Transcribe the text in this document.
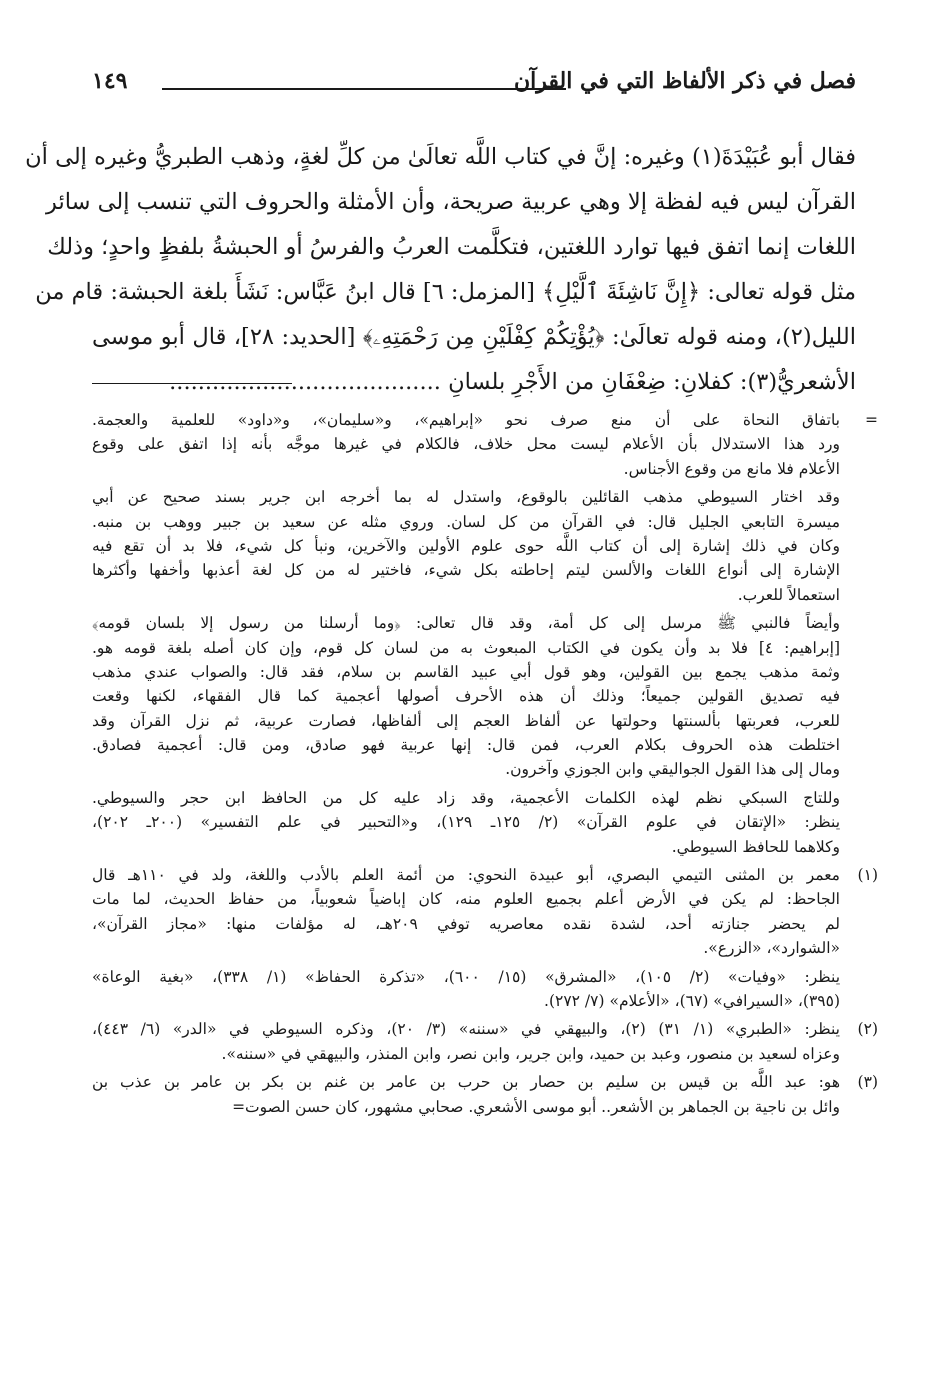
فصل في ذكر الألفاظ التي في القرآن
١٤٩
فقال أبو عُبَيْدَةَ(١) وغيره: إنَّ في كتاب اللَّه تعالَىٰ من كلِّ لغةٍ، وذهب الطبريُّ وغيره إلى أن
القرآن ليس فيه لفظة إلا وهي عربية صريحة، وأن الأمثلة والحروف التي تنسب إلى سائر
اللغات إنما اتفق فيها توارد اللغتين، فتكلَّمت العربُ والفرسُ أو الحبشةُ بلفظٍ واحدٍ؛ وذلك
مثل قوله تعالى: ﴿إِنَّ نَاشِئَةَ ٱلَّيْلِ﴾ [المزمل: ٦] قال ابنُ عَبَّاس: نَشَأَ بلغة الحبشة: قام من
الليل(٢)، ومنه قوله تعالَىٰ: ﴿يُؤْتِكُمْ كِفْلَيْنِ مِن رَحْمَتِهِۦ﴾ [الحديد: ٢٨]، قال أبو موسى
الأشعريُّ(٣): كفلانِ: ضِعْفَانِ من الأَجْرِ بلسانِ ......................................
=
باتفاق النحاة على أن منع صرف نحو «إبراهيم»، و«سليمان»، و«داود» للعلمية والعجمة.
ورد هذا الاستدلال بأن الأعلام ليست محل خلاف، فالكلام في غيرها موجَّه بأنه إذا اتفق على وقوع
الأعلام فلا مانع من وقوع الأجناس.
وقد اختار السيوطي مذهب القائلين بالوقوع، واستدل له بما أخرجه ابن جرير بسند صحيح عن أبي
ميسرة التابعي الجليل قال: في القرآن من كل لسان. وروي مثله عن سعيد بن جبير ووهب بن منبه.
وكان في ذلك إشارة إلى أن كتاب اللَّه حوى علوم الأولين والآخرين، ونبأ كل شيء، فلا بد أن تقع فيه
الإشارة إلى أنواع اللغات والألسن ليتم إحاطته بكل شيء، فاختير له من كل لغة أعذبها وأخفها وأكثرها
استعمالاً للعرب.
وأيضاً فالنبي ﷺ مرسل إلى كل أمة، وقد قال تعالى: ﴿وما أرسلنا من رسول إلا بلسان قومه﴾
[إبراهيم: ٤] فلا بد وأن يكون في الكتاب المبعوث به من لسان كل قوم، وإن كان أصله بلغة قومه هو.
وثمة مذهب يجمع بين القولين، وهو قول أبي عبيد القاسم بن سلام، فقد قال: والصواب عندي مذهب
فيه تصديق القولين جميعاً؛ وذلك أن هذه الأحرف أصولها أعجمية كما قال الفقهاء، لكنها وقعت
للعرب، فعربتها بألسنتها وحولتها عن ألفاظ العجم إلى ألفاظها، فصارت عربية، ثم نزل القرآن وقد
اختلطت هذه الحروف بكلام العرب، فمن قال: إنها عربية فهو صادق، ومن قال: أعجمية فصادق.
ومال إلى هذا القول الجواليقي وابن الجوزي وآخرون.
وللتاج السبكي نظم لهذه الكلمات الأعجمية، وقد زاد عليه كل من الحافظ ابن حجر والسيوطي.
ينظر: «الإتقان في علوم القرآن» (٢/ ١٢٥ـ ١٢٩)، و«التحبير في علم التفسير» (٢٠٠ـ ٢٠٢)،
وكلاهما للحافظ السيوطي.
(١)
معمر بن المثنى التيمي البصري، أبو عبيدة النحوي: من أئمة العلم بالأدب واللغة، ولد في ١١٠هـ قال
الجاحظ: لم يكن في الأرض أعلم بجميع العلوم منه، كان إباضياً شعوبياً، من حفاظ الحديث، لما مات
لم يحضر جنازته أحد، لشدة نقده معاصريه توفي ٢٠٩هـ، له مؤلفات منها: «مجاز القرآن»،
«الشوارد»، «الزرع».
ينظر: «وفيات» (٢/ ١٠٥)، «المشرق» (١٥/ ٦٠٠)، «تذكرة الحفاظ» (١/ ٣٣٨)، «بغية الوعاة»
(٣٩٥)، «السيرافي» (٦٧)، «الأعلام» (٧/ ٢٧٢).
(٢)
ينظر: «الطبري» (١/ ٣١) (٢)، والبيهقي في «سننه» (٣/ ٢٠)، وذكره السيوطي في «الدر» (٦/ ٤٤٣)،
وعزاه لسعيد بن منصور، وعبد بن حميد، وابن جرير، وابن نصر، وابن المنذر، والبيهقي في «سننه».
(٣)
هو: عبد اللَّه بن قيس بن سليم بن حصار بن حرب بن عامر بن غنم بن بكر بن عامر بن عذب بن
وائل بن ناجية بن الجماهر بن الأشعر.. أبو موسى الأشعري. صحابي مشهور، كان حسن الصوت=
